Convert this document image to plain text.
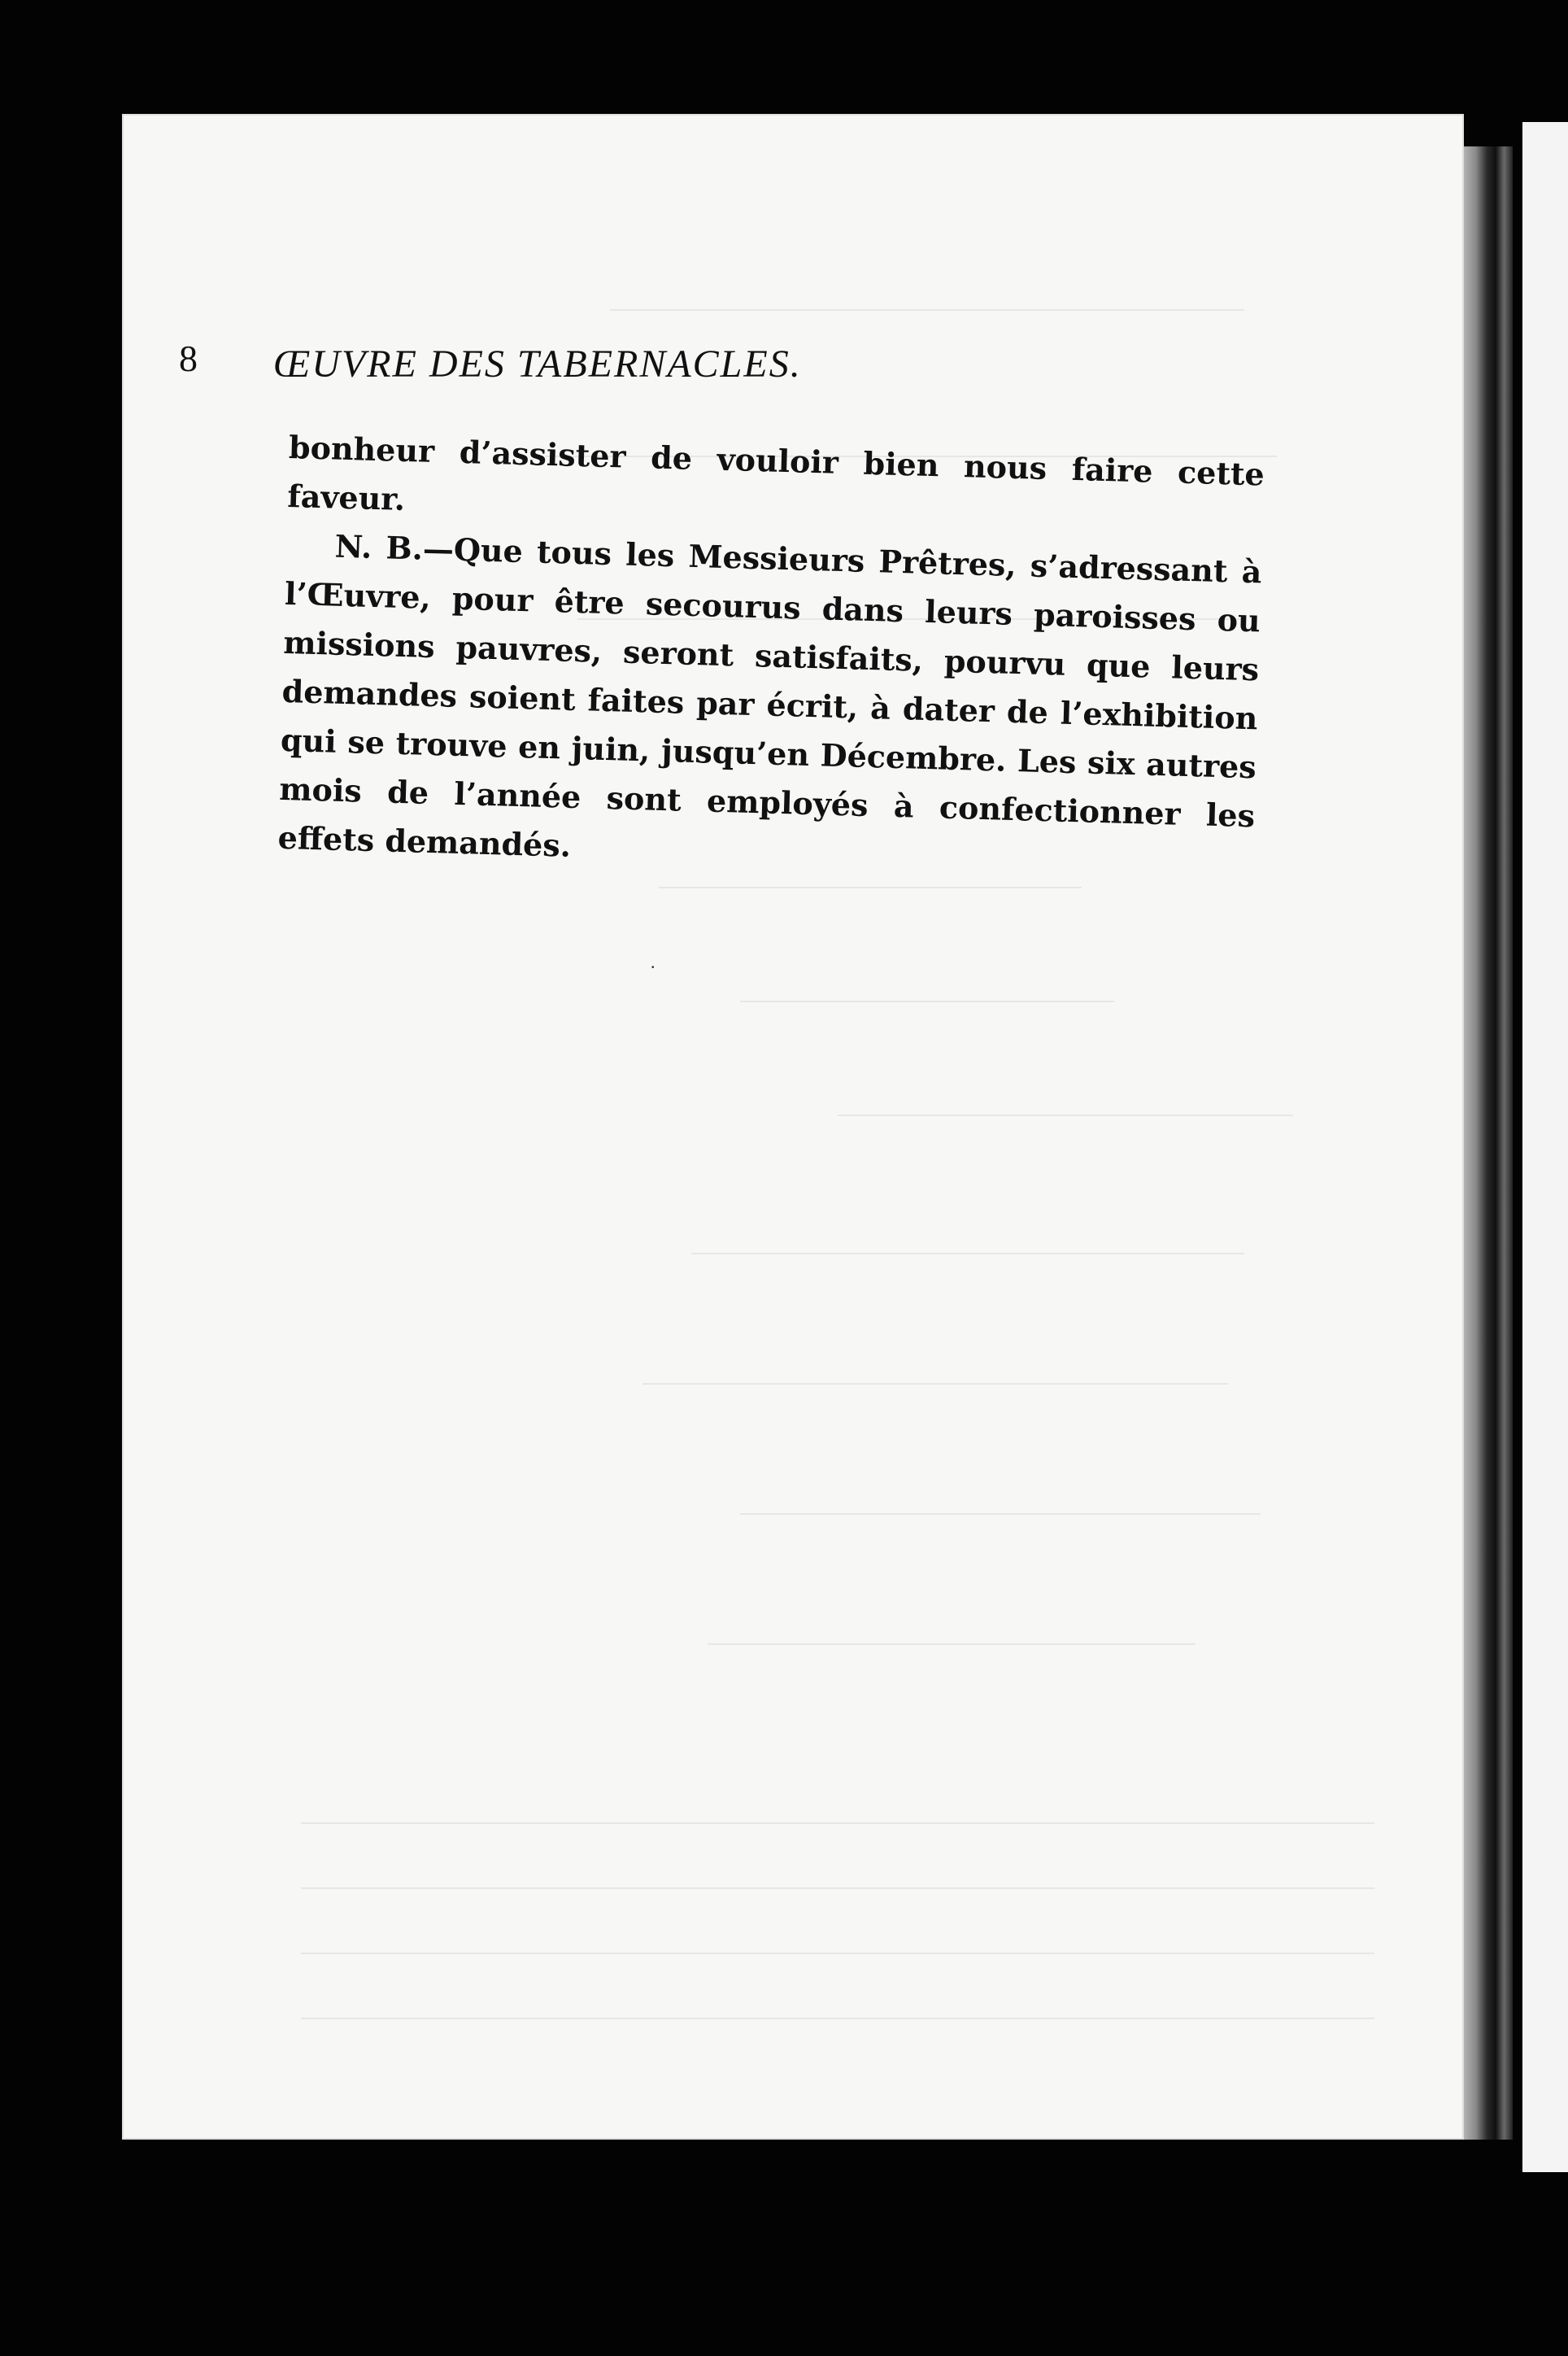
8 ŒUVRE DES TABERNACLES.

bonheur d’assister de vouloir bien nous faire cette faveur.

N. B.—Que tous les Messieurs Prêtres, s’adressant à l’Œuvre, pour être secourus dans leurs paroisses ou missions pauvres, seront satisfaits, pourvu que leurs demandes soient faites par écrit, à dater de l’exhibition qui se trouve en juin, jusqu’en Décembre. Les six autres mois de l’année sont employés à confectionner les effets demandés.

.
